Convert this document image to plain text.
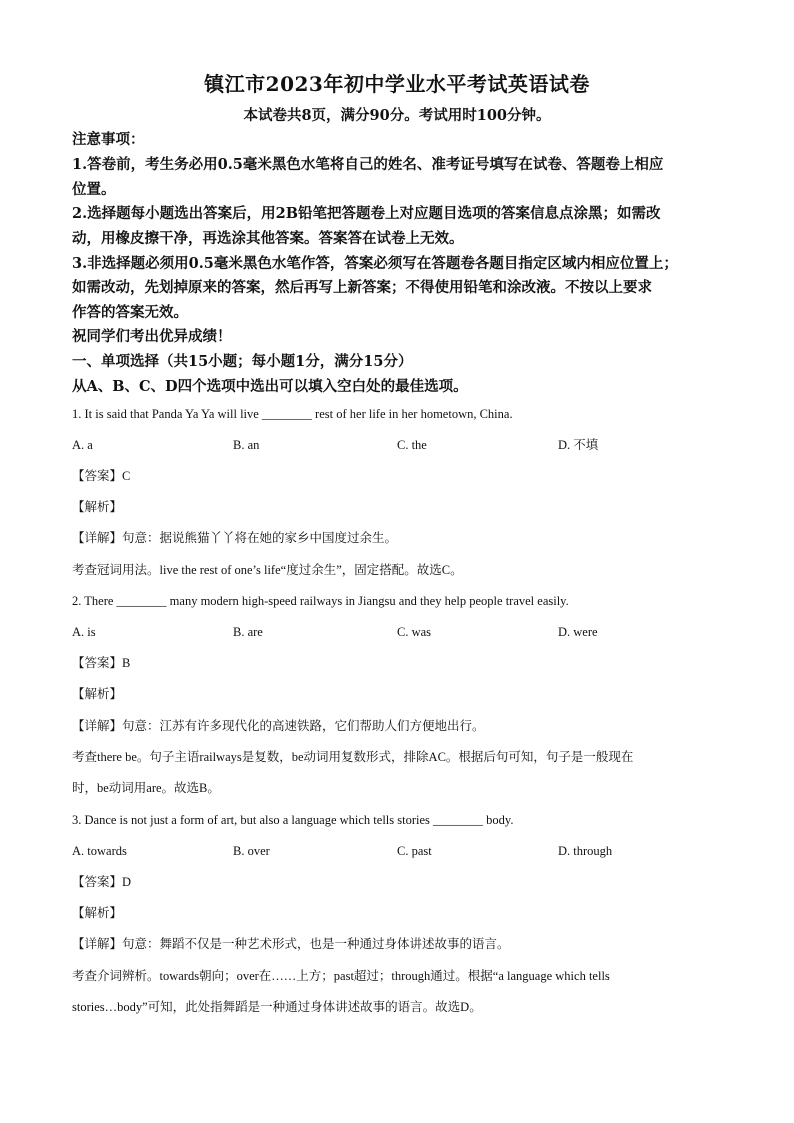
镇江市2023年初中学业水平考试英语试卷
本试卷共8页，满分90分。考试用时100分钟。
注意事项：
1.答卷前，考生务必用0.5毫米黑色水笔将自己的姓名、准考证号填写在试卷、答题卷上相应
位置。
2.选择题每小题选出答案后，用2B铅笔把答题卷上对应题目选项的答案信息点涂黑；如需改
动，用橡皮擦干净，再选涂其他答案。答案答在试卷上无效。
3.非选择题必须用0.5毫米黑色水笔作答，答案必须写在答题卷各题目指定区域内相应位置上；
如需改动，先划掉原来的答案，然后再写上新答案；不得使用铅笔和涂改液。不按以上要求
作答的答案无效。
祝同学们考出优异成绩！
一、单项选择（共15小题；每小题1分，满分15分）
从A、B、C、D四个选项中选出可以填入空白处的最佳选项。
1. It is said that Panda Ya Ya will live ________ rest of her life in her hometown, China.
A. a	B. an	C. the	D. 不填
【答案】C
【解析】
【详解】句意：据说熊猫丫丫将在她的家乡中国度过余生。
考查冠词用法。live the rest of one’s life“度过余生”，固定搭配。故选C。
2. There ________ many modern high-speed railways in Jiangsu and they help people travel easily.
A. is	B. are	C. was	D. were
【答案】B
【解析】
【详解】句意：江苏有许多现代化的高速铁路，它们帮助人们方便地出行。
考查there be。句子主语railways是复数，be动词用复数形式，排除AC。根据后句可知，句子是一般现在
时，be动词用are。故选B。
3. Dance is not just a form of art, but also a language which tells stories ________ body.
A. towards	B. over	C. past	D. through
【答案】D
【解析】
【详解】句意：舞蹈不仅是一种艺术形式，也是一种通过身体讲述故事的语言。
考查介词辨析。towards朝向；over在……上方；past超过；through通过。根据“a language which tells
stories…body”可知，此处指舞蹈是一种通过身体讲述故事的语言。故选D。
